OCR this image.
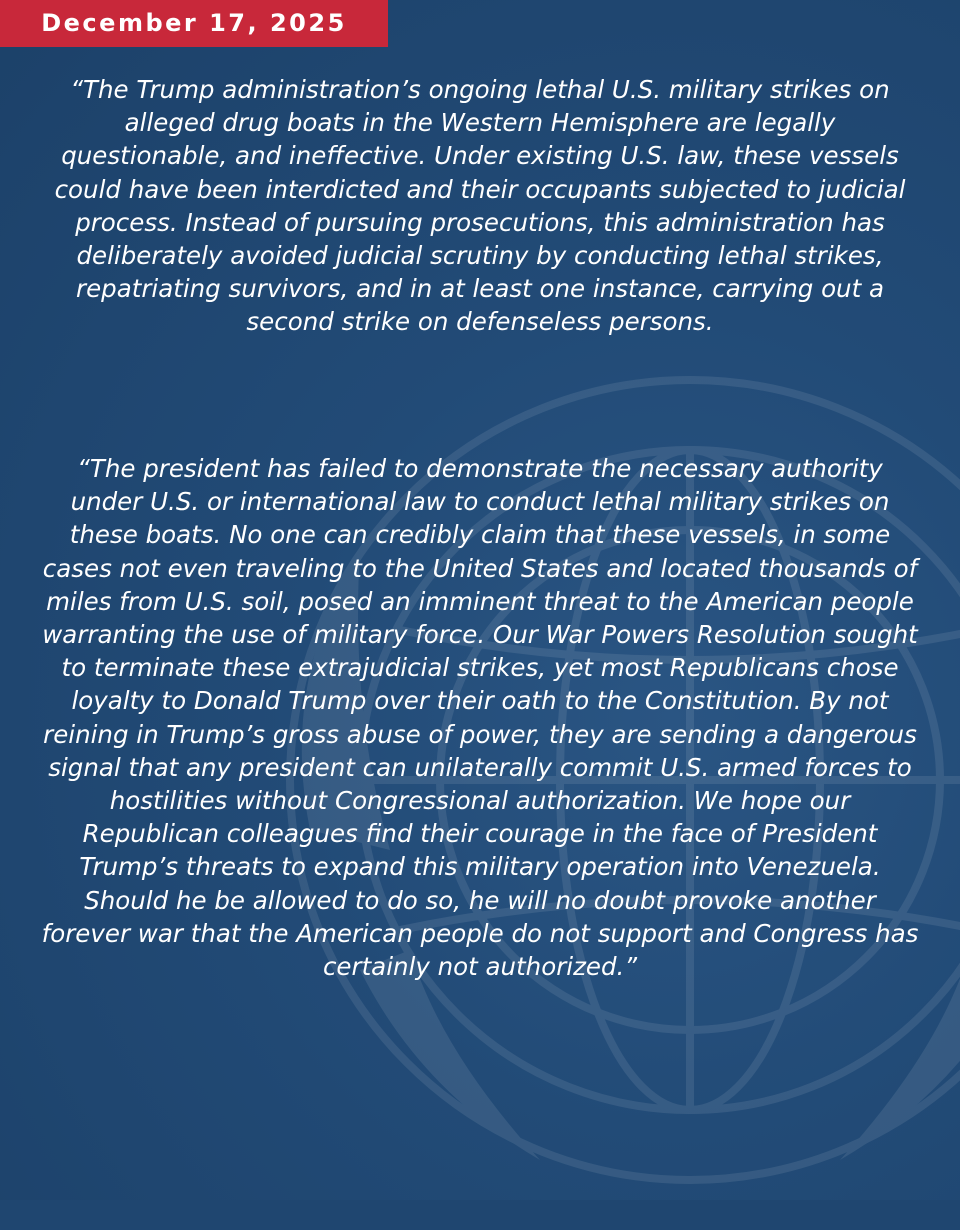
December 17, 2025

“The Trump administration’s ongoing lethal U.S. military strikes on alleged drug boats in the Western Hemisphere are legally questionable, and ineffective. Under existing U.S. law, these vessels could have been interdicted and their occupants subjected to judicial process. Instead of pursuing prosecutions, this administration has deliberately avoided judicial scrutiny by conducting lethal strikes, repatriating survivors, and in at least one instance, carrying out a second strike on defenseless persons.

“The president has failed to demonstrate the necessary authority under U.S. or international law to conduct lethal military strikes on these boats. No one can credibly claim that these vessels, in some cases not even traveling to the United States and located thousands of miles from U.S. soil, posed an imminent threat to the American people warranting the use of military force. Our War Powers Resolution sought to terminate these extrajudicial strikes, yet most Republicans chose loyalty to Donald Trump over their oath to the Constitution. By not reining in Trump’s gross abuse of power, they are sending a dangerous signal that any president can unilaterally commit U.S. armed forces to hostilities without Congressional authorization. We hope our Republican colleagues find their courage in the face of President Trump’s threats to expand this military operation into Venezuela. Should he be allowed to do so, he will no doubt provoke another forever war that the American people do not support and Congress has certainly not authorized.”
